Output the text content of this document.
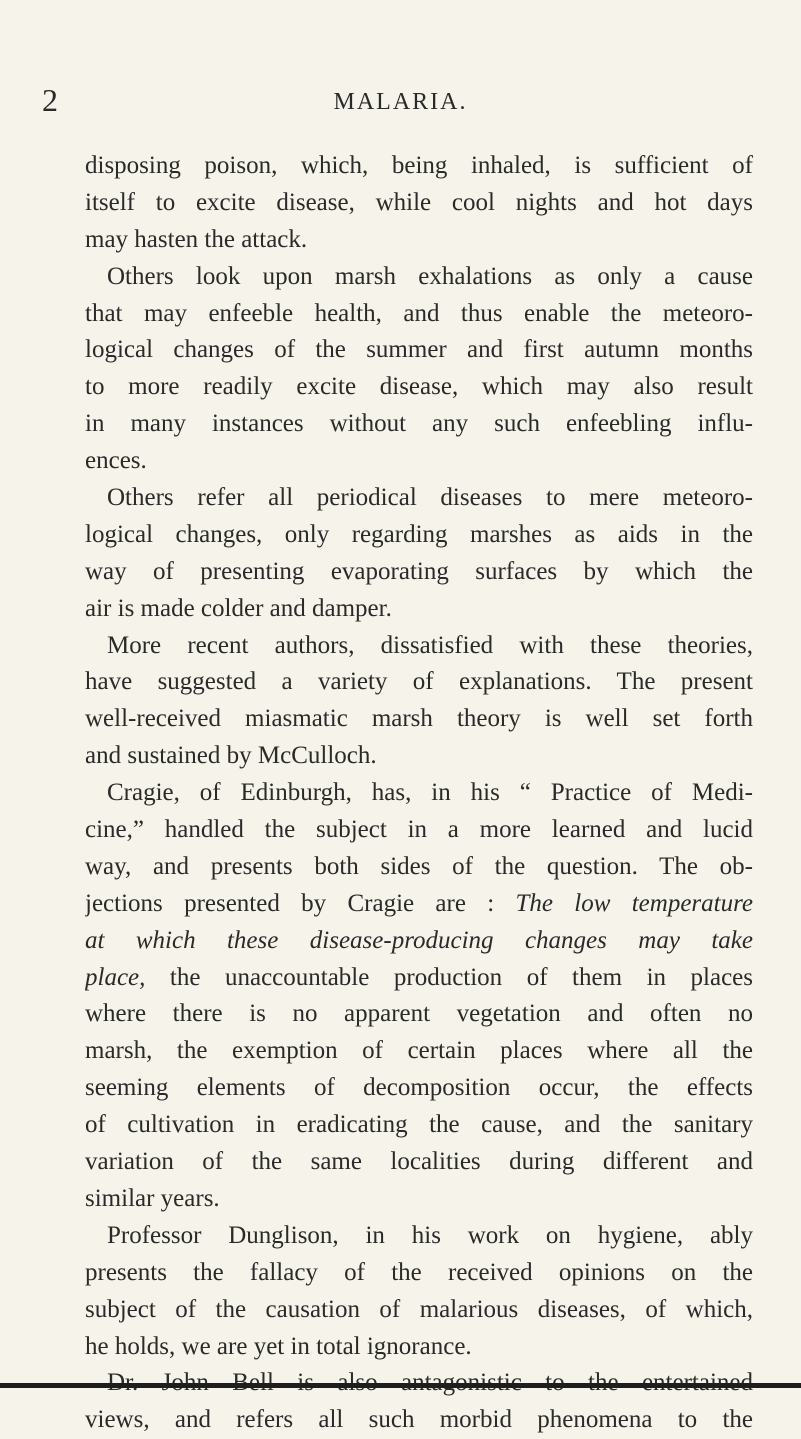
2	MALARIA.
disposing poison, which, being inhaled, is sufficient of
itself to excite disease, while cool nights and hot days
may hasten the attack.
Others look upon marsh exhalations as only a cause
that may enfeeble health, and thus enable the meteoro-
logical changes of the summer and first autumn months
to more readily excite disease, which may also result
in many instances without any such enfeebling influ-
ences.
Others refer all periodical diseases to mere meteoro-
logical changes, only regarding marshes as aids in the
way of presenting evaporating surfaces by which the
air is made colder and damper.
More recent authors, dissatisfied with these theories,
have suggested a variety of explanations. The present
well-received miasmatic marsh theory is well set forth
and sustained by McCulloch.
Cragie, of Edinburgh, has, in his “ Practice of Medi-
cine,” handled the subject in a more learned and lucid
way, and presents both sides of the question. The ob-
jections presented by Cragie are : The low temperature
at which these disease-producing changes may take
place, the unaccountable production of them in places
where there is no apparent vegetation and often no
marsh, the exemption of certain places where all the
seeming elements of decomposition occur, the effects
of cultivation in eradicating the cause, and the sanitary
variation of the same localities during different and
similar years.
Professor Dunglison, in his work on hygiene, ably
presents the fallacy of the received opinions on the
subject of the causation of malarious diseases, of which,
he holds, we are yet in total ignorance.
views, and refers all such morbid phenomena to the
